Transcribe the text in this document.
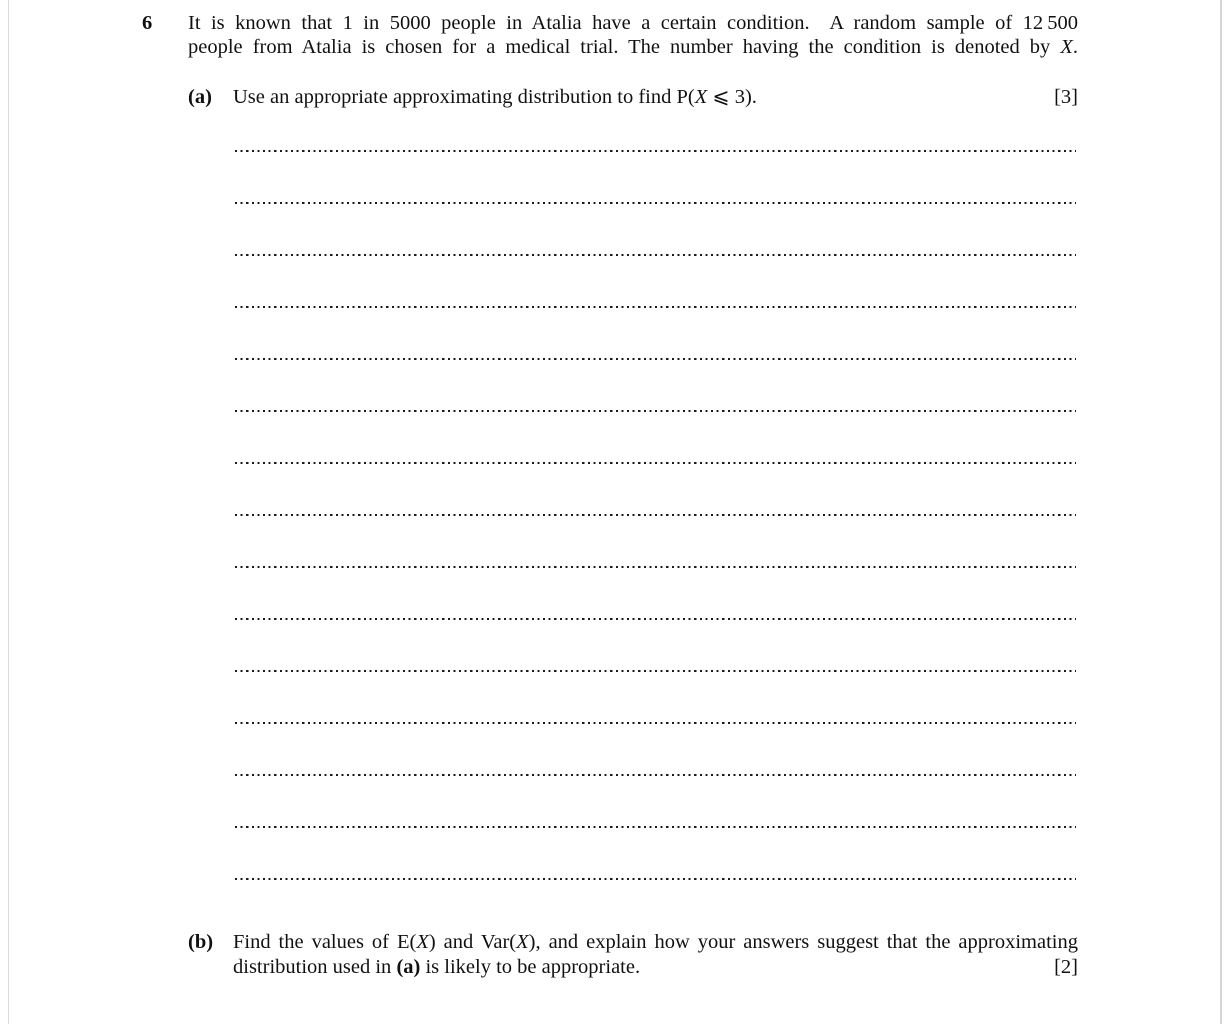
6 It is known that 1 in 5000 people in Atalia have a certain condition.  A random sample of 12 500
people from Atalia is chosen for a medical trial. The number having the condition is denoted by X.
(a) Use an appropriate approximating distribution to find P(X ⩽ 3).	[3]
(b) Find the values of E(X) and Var(X), and explain how your answers suggest that the approximating
distribution used in (a) is likely to be appropriate.	[2]
